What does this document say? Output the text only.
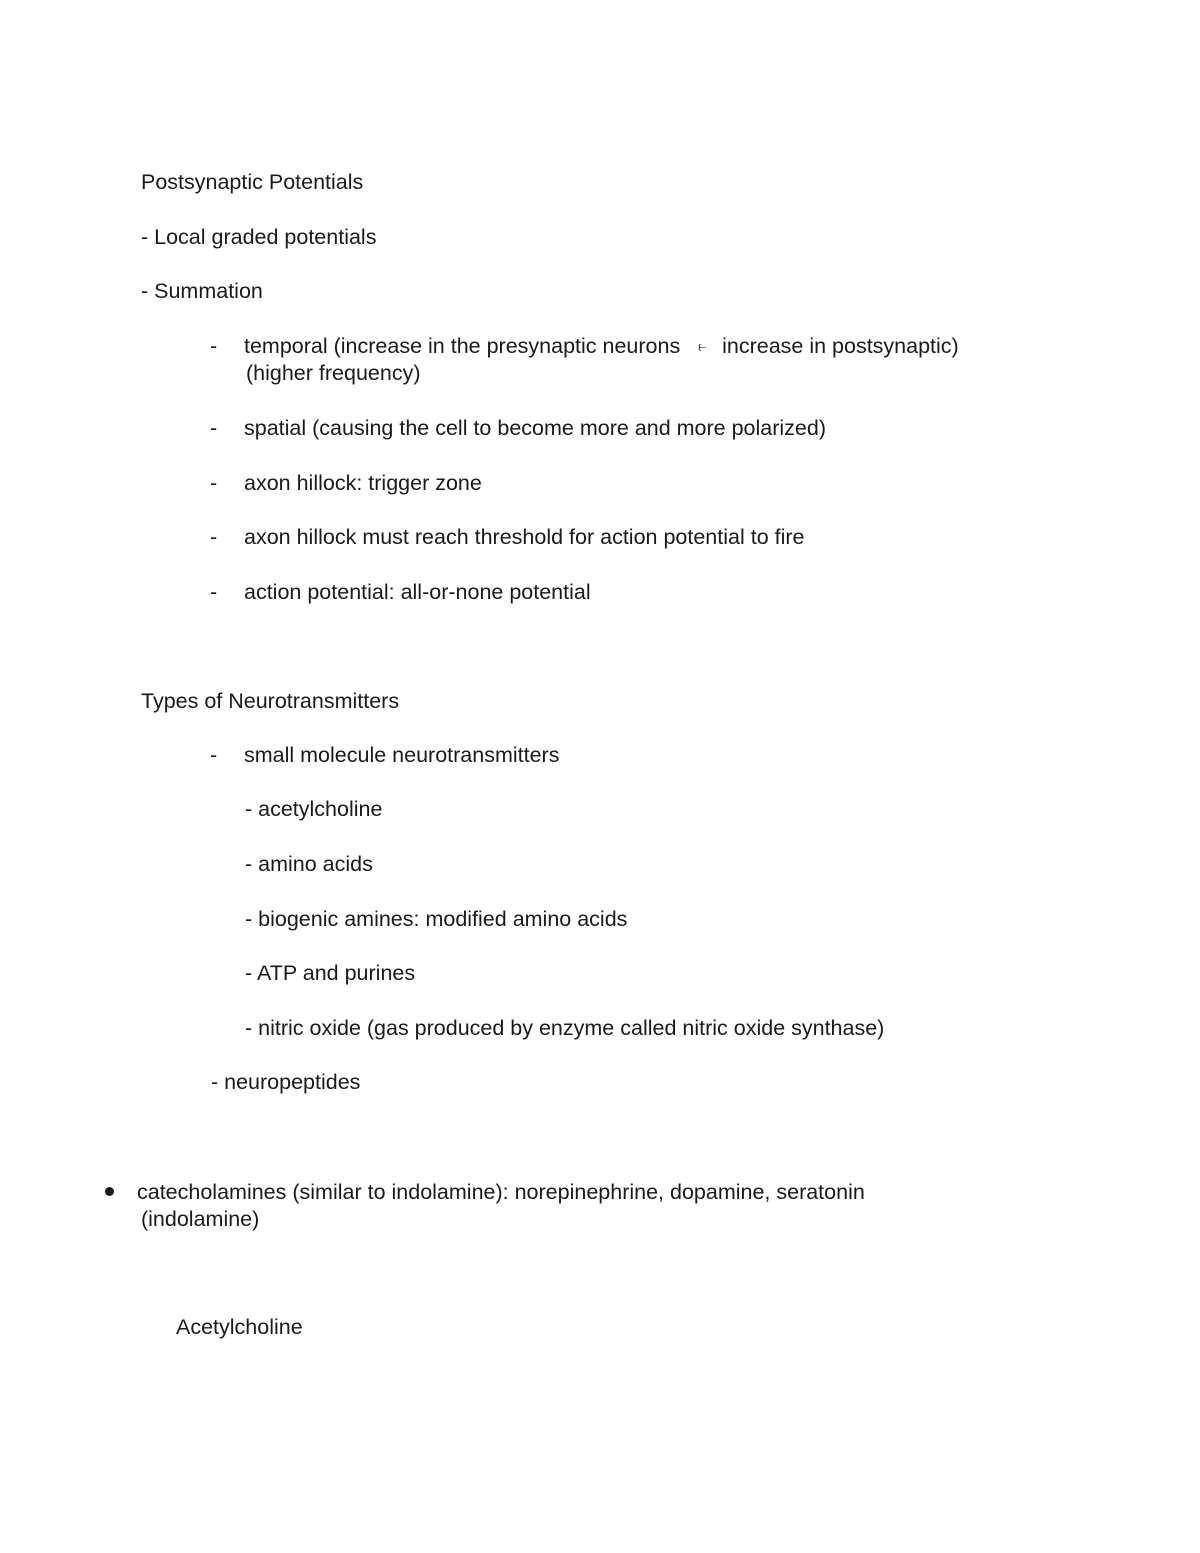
Postsynaptic Potentials
- Local graded potentials
- Summation
- temporal (increase in the presynaptic neurons ⥼ increase in postsynaptic)
(higher frequency)
- spatial (causing the cell to become more and more polarized)
- axon hillock: trigger zone
- axon hillock must reach threshold for action potential to fire
- action potential: all-or-none potential
Types of Neurotransmitters
- small molecule neurotransmitters
- acetylcholine
- amino acids
- biogenic amines: modified amino acids
- ATP and purines
- nitric oxide (gas produced by enzyme called nitric oxide synthase)
- neuropeptides
catecholamines (similar to indolamine): norepinephrine, dopamine, seratonin
(indolamine)
Acetylcholine
